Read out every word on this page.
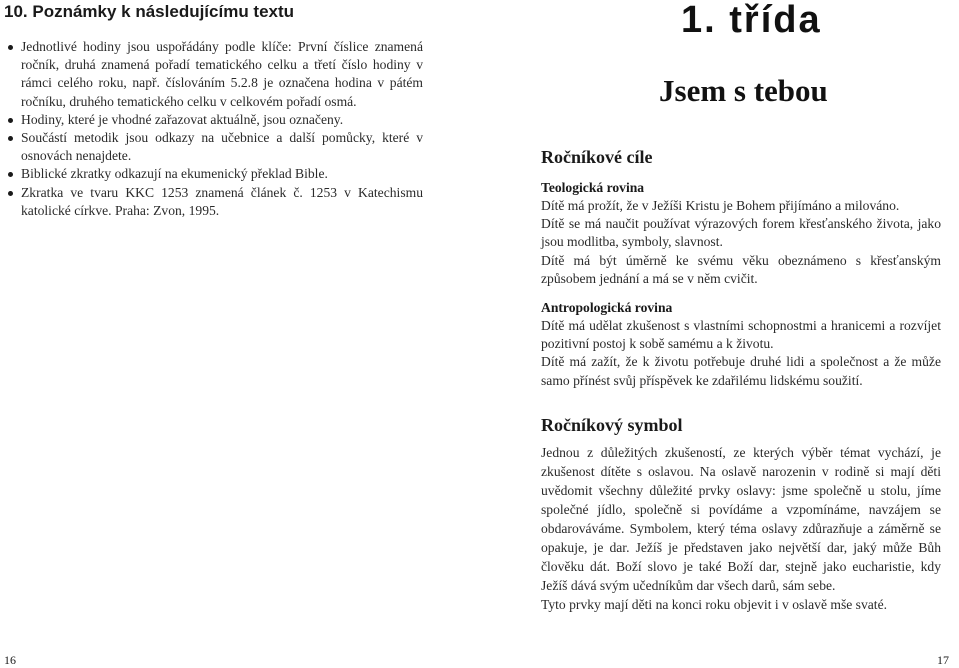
10. Poznámky k následujícímu textu
Jednotlivé hodiny jsou uspořádány podle klíče: První číslice znamená ročník, druhá znamená pořadí tematického celku a třetí číslo hodiny v rámci celého roku, např. číslováním 5.2.8 je označena hodina v pátém ročníku, druhého tematického celku v celkovém pořadí osmá.
Hodiny, které je vhodné zařazovat aktuálně, jsou označeny.
Součástí metodik jsou odkazy na učebnice a další pomůcky, které v osnovách nenajdete.
Biblické zkratky odkazují na ekumenický překlad Bible.
Zkratka ve tvaru KKC 1253 znamená článek č. 1253 v Katechismu katolické církve. Praha: Zvon, 1995.
16
1. třída
Jsem s tebou
Ročníkové cíle

Teologická rovina

Dítě má prožít, že v Ježíši Kristu je Bohem přijímáno a milováno.

Dítě se má naučit používat výrazových forem křesťanského života, jako jsou modlitba, symboly, slavnost.

Dítě má být úměrně ke svému věku obeznámeno s křesťanským způsobem jednání a má se v něm cvičit.

Antropologická rovina

Dítě má udělat zkušenost s vlastními schopnostmi a hranicemi a rozvíjet pozitivní postoj k sobě samému a k životu.

Dítě má zažít, že k životu potřebuje druhé lidi a společnost a že může samo přínést svůj příspěvek ke zdařilému lidskému soužití.

Ročníkový symbol

Jednou z důležitých zkušeností, ze kterých výběr témat vychází, je zkušenost dítěte s oslavou. Na oslavě narozenin v rodině si mají děti uvědomit všechny důležité prvky oslavy: jsme společně u stolu, jíme společné jídlo, společně si povídáme a vzpomínáme, navzájem se obdarováváme. Symbolem, který téma oslavy zdůrazňuje a záměrně se opakuje, je dar. Ježíš je představen jako největší dar, jaký může Bůh člověku dát. Boží slovo je také Boží dar, stejně jako eucharistie, kdy Ježíš dává svým učedníkům dar všech darů, sám sebe.

Tyto prvky mají děti na konci roku objevit i v oslavě mše svaté.

17
